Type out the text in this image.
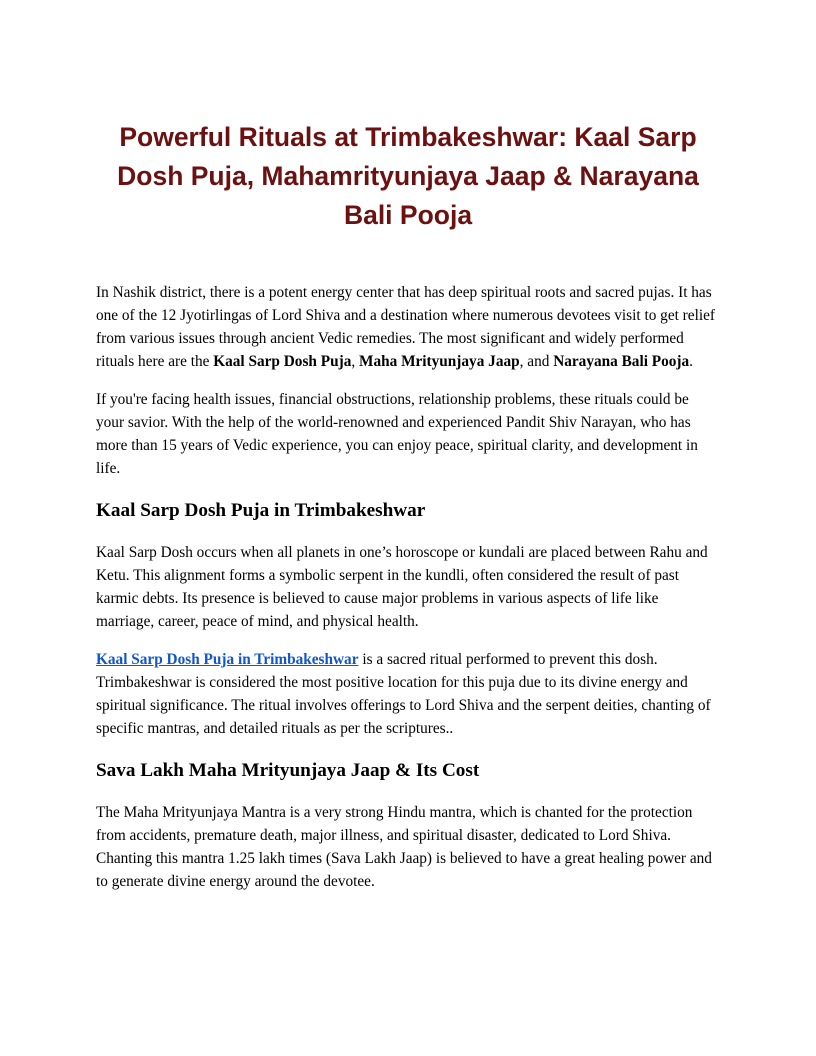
Powerful Rituals at Trimbakeshwar: Kaal Sarp Dosh Puja, Mahamrityunjaya Jaap & Narayana Bali Pooja

In Nashik district, there is a potent energy center that has deep spiritual roots and sacred pujas. It has one of the 12 Jyotirlingas of Lord Shiva and a destination where numerous devotees visit to get relief from various issues through ancient Vedic remedies. The most significant and widely performed rituals here are the Kaal Sarp Dosh Puja, Maha Mrityunjaya Jaap, and Narayana Bali Pooja.

If you're facing health issues, financial obstructions, relationship problems, these rituals could be your savior. With the help of the world-renowned and experienced Pandit Shiv Narayan, who has more than 15 years of Vedic experience, you can enjoy peace, spiritual clarity, and development in life.

Kaal Sarp Dosh Puja in Trimbakeshwar

Kaal Sarp Dosh occurs when all planets in one’s horoscope or kundali are placed between Rahu and Ketu. This alignment forms a symbolic serpent in the kundli, often considered the result of past karmic debts. Its presence is believed to cause major problems in various aspects of life like marriage, career, peace of mind, and physical health.

Kaal Sarp Dosh Puja in Trimbakeshwar is a sacred ritual performed to prevent this dosh. Trimbakeshwar is considered the most positive location for this puja due to its divine energy and spiritual significance. The ritual involves offerings to Lord Shiva and the serpent deities, chanting of specific mantras, and detailed rituals as per the scriptures..

Sava Lakh Maha Mrityunjaya Jaap & Its Cost

The Maha Mrityunjaya Mantra is a very strong Hindu mantra, which is chanted for the protection from accidents, premature death, major illness, and spiritual disaster, dedicated to Lord Shiva. Chanting this mantra 1.25 lakh times (Sava Lakh Jaap) is believed to have a great healing power and to generate divine energy around the devotee.
